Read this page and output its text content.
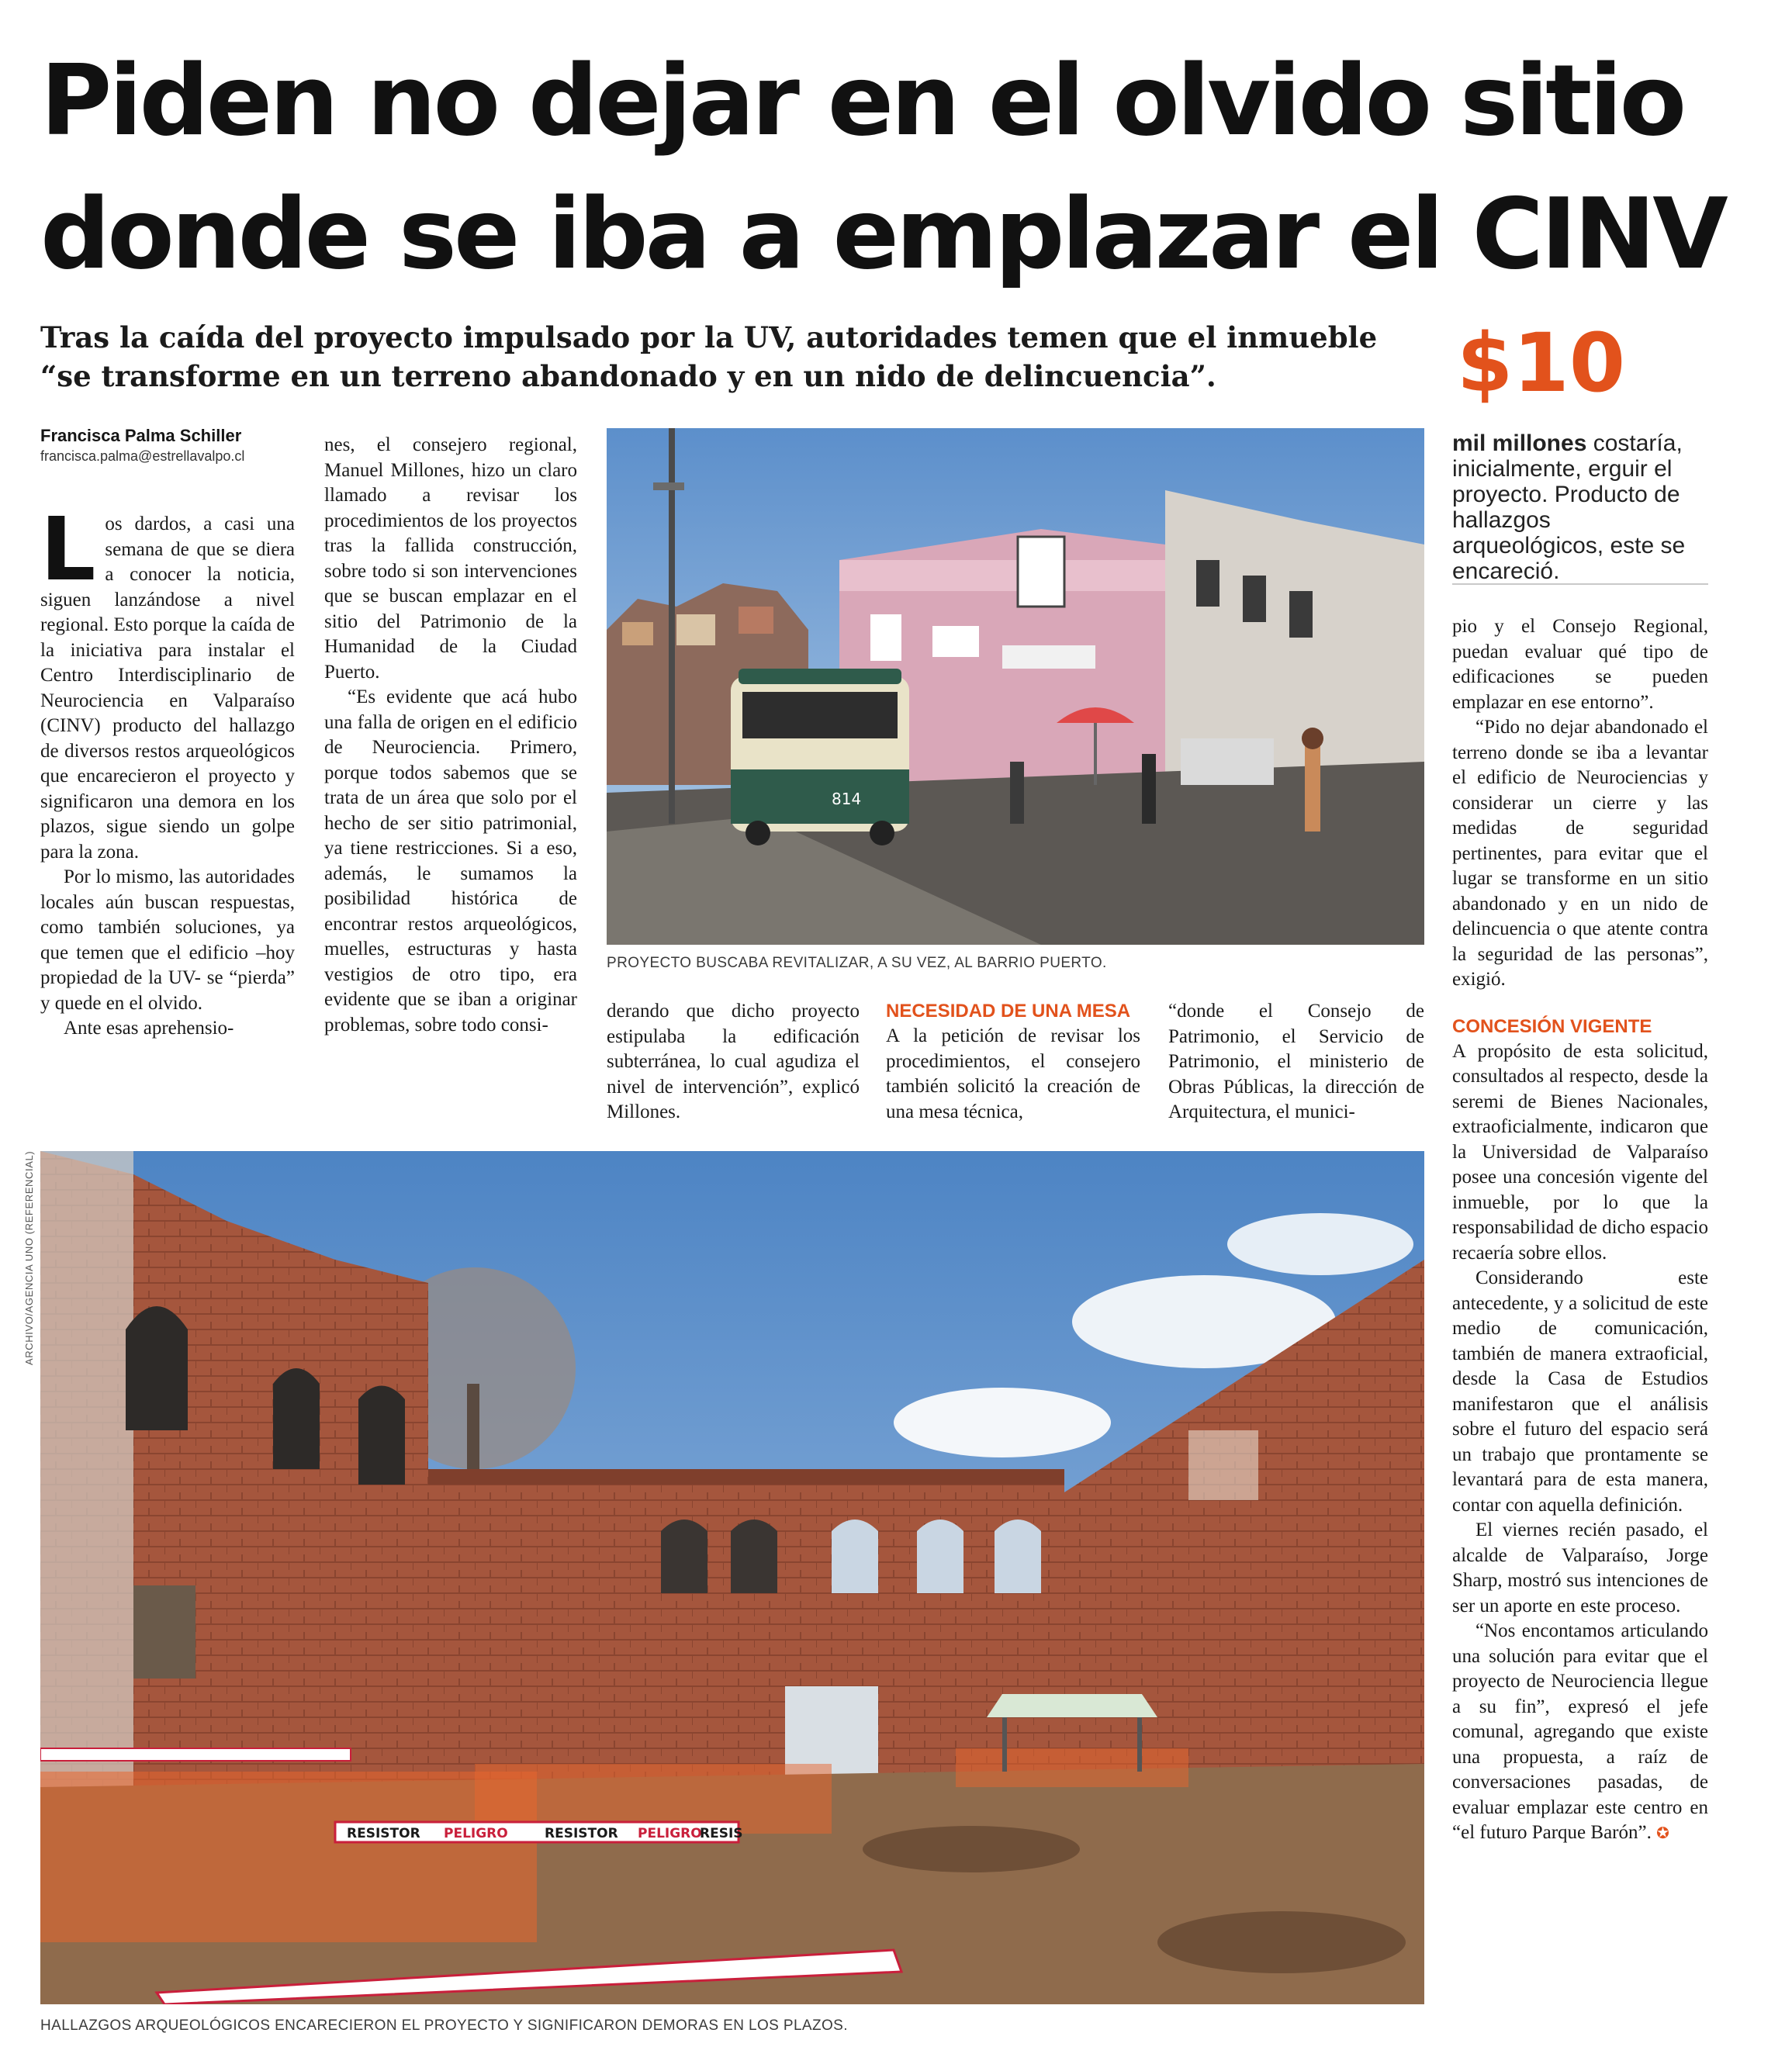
Piden no dejar en el olvido sitio
donde se iba a emplazar el CINV
Tras la caída del proyecto impulsado por la UV, autoridades temen que el inmueble
“se transforme en un terreno abandonado y en un nido de delincuencia”.	$10
mil millones costaría, inicialmente, erguir el proyecto. Producto de hallazgos arqueológicos, este se encareció.
Francisca Palma Schiller
francisca.palma@estrellavalpo.cl
L os dardos, a casi una semana de que se diera a conocer la noticia, siguen lanzándose a nivel regional. Esto porque la caída de la iniciativa para instalar el Centro Interdisciplinario de Neurociencia en Valparaíso (CINV) producto del hallazgo de diversos restos arqueológicos que encarecieron el proyecto y significaron una demora en los plazos, sigue siendo un golpe para la zona.

Por lo mismo, las autoridades locales aún buscan respuestas, como también soluciones, ya que temen que el edificio –hoy propiedad de la UV- se “pierda” y quede en el olvido.

Ante esas aprehensio-

nes, el consejero regional, Manuel Millones, hizo un claro llamado a revisar los procedimientos de los proyectos tras la fallida construcción, sobre todo si son intervenciones que se buscan emplazar en el sitio del Patrimonio de la Humanidad de la Ciudad Puerto.

“Es evidente que acá hubo una falla de origen en el edificio de Neurociencia. Primero, porque todos sabemos que se trata de un área que solo por el hecho de ser sitio patrimonial, ya tiene restricciones. Si a eso, además, le sumamos la posibilidad histórica de encontrar restos arqueológicos, muelles, estructuras y hasta vestigios de otro tipo, era evidente que se iban a originar problemas, sobre todo consi-

814
PROYECTO BUSCABA REVITALIZAR, A SU VEZ, AL BARRIO PUERTO.

derando que dicho proyecto estipulaba la edificación subterránea, lo cual agudiza el nivel de intervención”, explicó Millones.

NECESIDAD DE UNA MESA

A la petición de revisar los procedimientos, el consejero también solicitó la creación de una mesa técnica,

“donde el Consejo de Patrimonio, el Servicio de Patrimonio, el ministerio de Obras Públicas, la dirección de Arquitectura, el munici-

pio y el Consejo Regional, puedan evaluar qué tipo de edificaciones se pueden emplazar en ese entorno”.

“Pido no dejar abandonado el terreno donde se iba a levantar el edificio de Neurociencias y considerar un cierre y las medidas de seguridad pertinentes, para evitar que el lugar se transforme en un sitio abandonado y en un nido de delincuencia o que atente contra la seguridad de las personas”, exigió.

CONCESIÓN VIGENTE

A propósito de esta solicitud, consultados al respecto, desde la seremi de Bienes Nacionales, extraoficialmente, indicaron que la Universidad de Valparaíso posee una concesión vigente del inmueble, por lo que la responsabilidad de dicho espacio recaería sobre ellos.

Considerando este antecedente, y a solicitud de este medio de comunicación, también de manera extraoficial, desde la Casa de Estudios manifestaron que el análisis sobre el futuro del espacio será un trabajo que prontamente se levantará para de esta manera, contar con aquella definición.

El viernes recién pasado, el alcalde de Valparaíso, Jorge Sharp, mostró sus intenciones de ser un aporte en este proceso.

“Nos encontamos articulando una solución para evitar que el proyecto de Neurociencia llegue a su fin”, expresó el jefe comunal, agregando que existe una propuesta, a raíz de conversaciones pasadas, de evaluar emplazar este centro en “el futuro Parque Barón”. ✪

RESISTOR PELIGRO	RESISTOR PELIGRO
RESIS
HALLAZGOS ARQUEOLÓGICOS ENCARECIERON EL PROYECTO Y SIGNIFICARON DEMORAS EN LOS PLAZOS.
ARCHIVO/AGENCIA UNO (REFERENCIAL)
